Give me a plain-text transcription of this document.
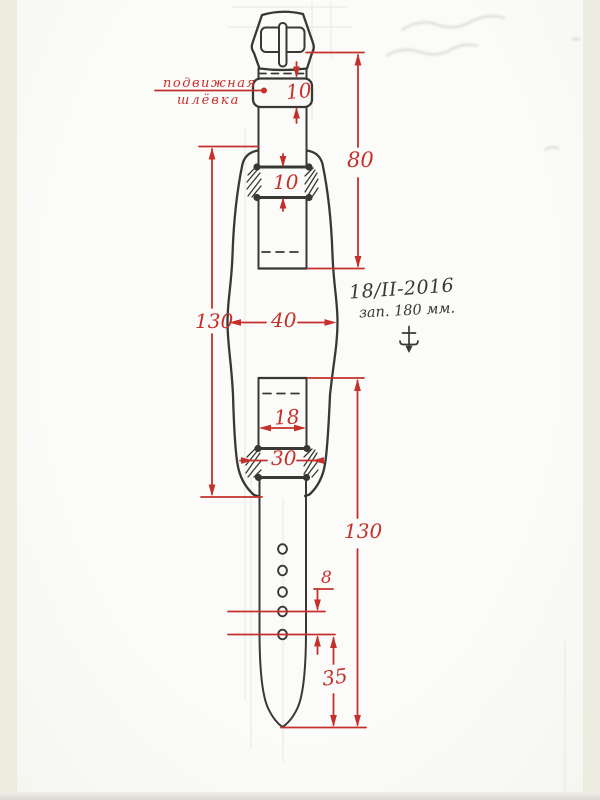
подвижная
шлёвка 10
80
10
130 40
18
30
130
8
35
18/II-2016
зап. 180 мм.
